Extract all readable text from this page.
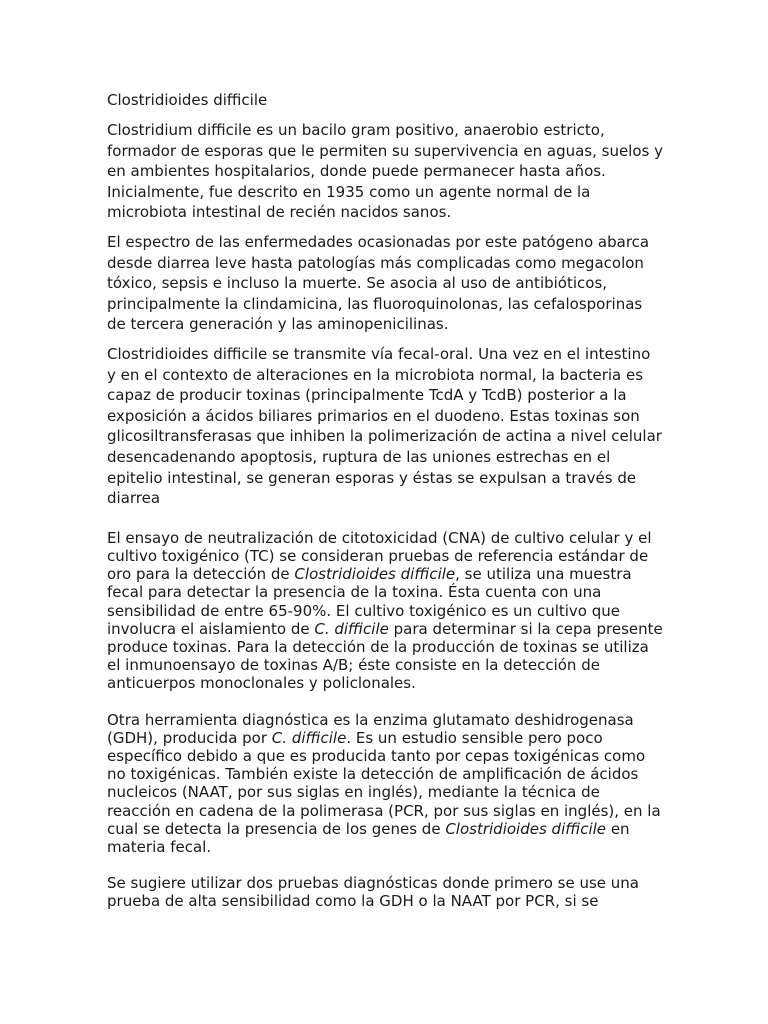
Clostridioides difficile

Clostridium difficile es un bacilo gram positivo, anaerobio estricto, formador de esporas que le permiten su supervivencia en aguas, suelos y en ambientes hospitalarios, donde puede permanecer hasta años. Inicialmente, fue descrito en 1935 como un agente normal de la microbiota intestinal de recién nacidos sanos.

El espectro de las enfermedades ocasionadas por este patógeno abarca desde diarrea leve hasta patologías más complicadas como megacolon tóxico, sepsis e incluso la muerte. Se asocia al uso de antibióticos, principalmente la clindamicina, las fluoroquinolonas, las cefalosporinas de tercera generación y las aminopenicilinas.

Clostridioides difficile se transmite vía fecal-oral. Una vez en el intestino y en el contexto de alteraciones en la microbiota normal, la bacteria es capaz de producir toxinas (principalmente TcdA y TcdB) posterior a la exposición a ácidos biliares primarios en el duodeno. Estas toxinas son glicosiltransferasas que inhiben la polimerización de actina a nivel celular desencadenando apoptosis, ruptura de las uniones estrechas en el epitelio intestinal, se generan esporas y éstas se expulsan a través de diarrea

El ensayo de neutralización de citotoxicidad (CNA) de cultivo celular y el cultivo toxigénico (TC) se consideran pruebas de referencia estándar de oro para la detección de Clostridioides difficile, se utiliza una muestra fecal para detectar la presencia de la toxina. Ésta cuenta con una sensibilidad de entre 65-90%. El cultivo toxigénico es un cultivo que involucra el aislamiento de C. difficile para determinar si la cepa presente produce toxinas. Para la detección de la producción de toxinas se utiliza el inmunoensayo de toxinas A/B; éste consiste en la detección de anticuerpos monoclonales y policlonales.

Otra herramienta diagnóstica es la enzima glutamato deshidrogenasa (GDH), producida por C. difficile. Es un estudio sensible pero poco específico debido a que es producida tanto por cepas toxigénicas como no toxigénicas. También existe la detección de amplificación de ácidos nucleicos (NAAT, por sus siglas en inglés), mediante la técnica de reacción en cadena de la polimerasa (PCR, por sus siglas en inglés), en la cual se detecta la presencia de los genes de Clostridioides difficile en materia fecal.

Se sugiere utilizar dos pruebas diagnósticas donde primero se use una prueba de alta sensibilidad como la GDH o la NAAT por PCR, si se
